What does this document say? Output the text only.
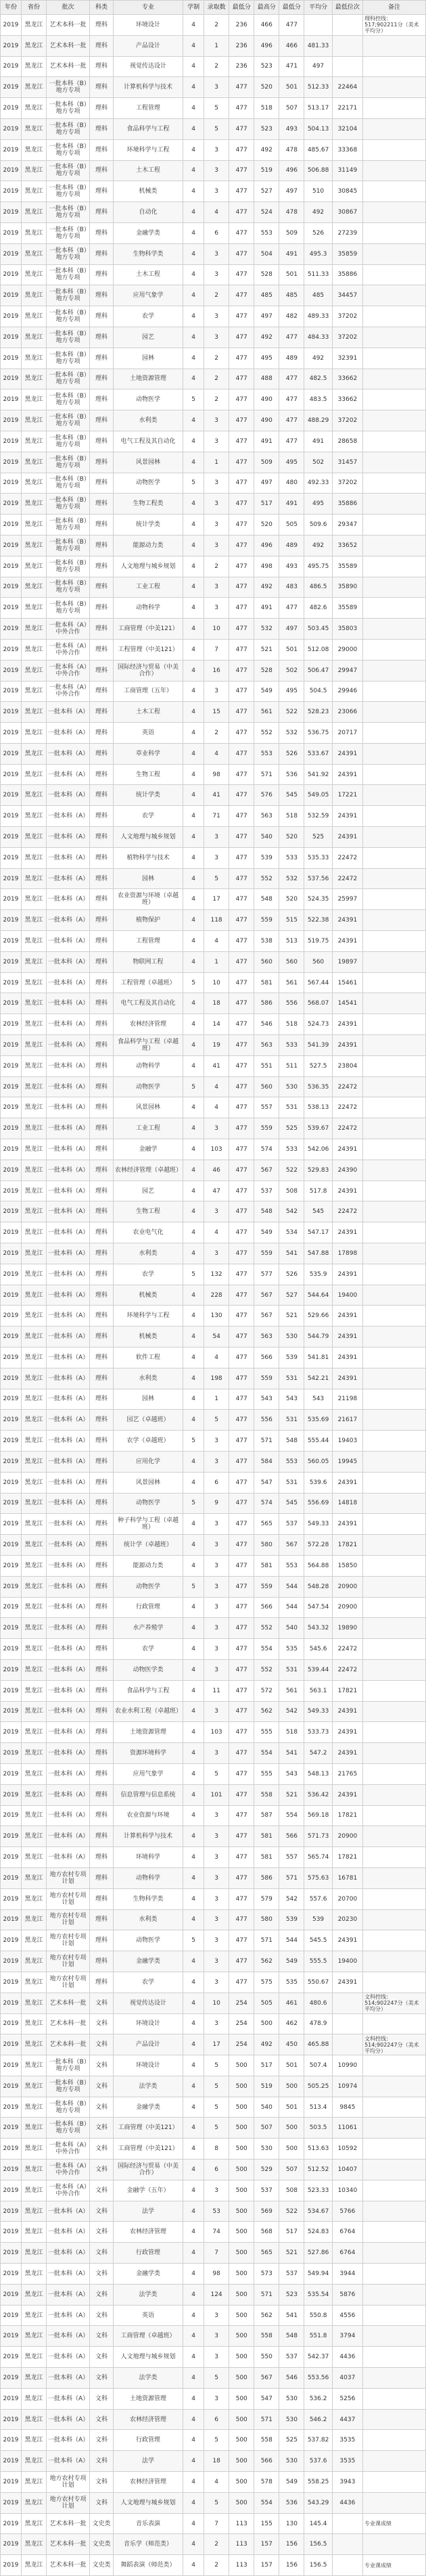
年份	省份	批次	科类	专业	学制	录取数	最低分	最高分	最低分	平均分	最低位次	备注
2019	黑龙江	艺术本科一批	理科	环境设计	4	2	236	466	477			理科控线：517;902211分（美术平均分）
2019	黑龙江	艺术本科一批	理科	产品设计	4	1	236	496	466	481.33		
2019	黑龙江	艺术本科一批	理科	视觉传达设计	4	2	236	523	471	497		
2019	黑龙江	一批本科（B）地方专项	理科	计算机科学与技术	4	3	477	520	501	512.33	22464	
2019	黑龙江	一批本科（B）地方专项	理科	工程管理	4	5	477	518	507	513.17	22171	
2019	黑龙江	一批本科（B）地方专项	理科	食品科学与工程	4	5	477	523	493	504.13	32104	
2019	黑龙江	一批本科（B）地方专项	理科	环境科学与工程	4	3	477	492	478	485.67	33368	
2019	黑龙江	一批本科（B）地方专项	理科	土木工程	4	3	477	519	496	506.88	31149	
2019	黑龙江	一批本科（B）地方专项	理科	机械类	4	3	477	527	497	510	30845	
2019	黑龙江	一批本科（B）地方专项	理科	自动化	4	4	477	524	478	492	30867	
2019	黑龙江	一批本科（B）地方专项	理科	金融学类	4	6	477	553	509	526	27239	
2019	黑龙江	一批本科（B）地方专项	理科	生物科学类	4	3	477	504	491	495.3	35859	
2019	黑龙江	一批本科（B）地方专项	理科	土木工程	4	3	477	528	501	511.33	35886	
2019	黑龙江	一批本科（B）地方专项	理科	应用气象学	4	2	477	485	485	485	34457	
2019	黑龙江	一批本科（B）地方专项	理科	农学	4	3	477	497	482	489.33	37202	
2019	黑龙江	一批本科（B）地方专项	理科	园艺	4	3	477	492	477	484.33	37202	
2019	黑龙江	一批本科（B）地方专项	理科	园林	4	2	477	495	489	492	32391	
2019	黑龙江	一批本科（B）地方专项	理科	土地资源管理	4	2	477	488	477	482.5	33662	
2019	黑龙江	一批本科（B）地方专项	理科	动物医学	5	2	477	490	477	483.5	33662	
2019	黑龙江	一批本科（B）地方专项	理科	水利类	4	3	477	490	477	488.29	37202	
2019	黑龙江	一批本科（B）地方专项	理科	电气工程及其自动化	4	3	477	491	477	491	28658	
2019	黑龙江	一批本科（B）地方专项	理科	风景园林	4	1	477	509	495	502	31457	
2019	黑龙江	一批本科（B）地方专项	理科	动物医学	5	3	477	497	480	492.33	37202	
2019	黑龙江	一批本科（B）地方专项	理科	生物工程类	4	3	477	517	491	495	35886	
2019	黑龙江	一批本科（B）地方专项	理科	统计学类	4	3	477	520	505	509.6	29347	
2019	黑龙江	一批本科（B）地方专项	理科	能源动力类	4	3	477	496	489	492	33652	
2019	黑龙江	一批本科（B）地方专项	理科	人文地理与城乡规划	4	2	477	498	493	495.75	35589	
2019	黑龙江	一批本科（B）地方专项	理科	工业工程	4	3	477	492	483	486.5	35890	
2019	黑龙江	一批本科（B）地方专项	理科	动物科学	4	3	477	491	477	482.6	35589	
2019	黑龙江	一批本科（A）中外合作	理科	工商管理（中美121）	4	10	477	532	497	503.45	35803	
2019	黑龙江	一批本科（A）中外合作	理科	工程管理（中美121）	4	7	477	521	501	512.08	29000	
2019	黑龙江	一批本科（A）中外合作	理科	国际经济与贸易（中美合作）	4	16	477	528	502	506.47	29947	
2019	黑龙江	一批本科（A）中外合作	理科	工商管理（五年）	4	3	477	549	495	504.5	29946	
2019	黑龙江	一批本科（A）	理科	土木工程	4	15	477	561	522	528.23	23066	
2019	黑龙江	一批本科（A）	理科	英语	4	2	477	552	532	536.75	20717	
2019	黑龙江	一批本科（A）	理科	草业科学	4	4	477	553	526	533.67	24391	
2019	黑龙江	一批本科（A）	理科	生物工程	4	98	477	571	536	541.92	24391	
2019	黑龙江	一批本科（A）	理科	统计学类	4	41	477	576	545	549.05	17221	
2019	黑龙江	一批本科（A）	理科	农学	4	71	477	563	518	532.59	24391	
2019	黑龙江	一批本科（A）	理科	人文地理与城乡规划	4	3	477	540	520	525	24391	
2019	黑龙江	一批本科（A）	理科	植物科学与技术	4	3	477	539	533	535.33	22472	
2019	黑龙江	一批本科（A）	理科	园林	4	5	477	552	532	537.56	22472	
2019	黑龙江	一批本科（A）	理科	农业资源与环境（卓越班）	4	17	477	548	520	524.35	25997	
2019	黑龙江	一批本科（A）	理科	植物保护	4	118	477	559	515	522.38	24391	
2019	黑龙江	一批本科（A）	理科	工程管理	4	4	477	538	513	519.75	24391	
2019	黑龙江	一批本科（A）	理科	物联网工程	4	1	477	560	560	560	19897	
2019	黑龙江	一批本科（A）	理科	工程管理（卓越班）	5	10	477	581	561	567.44	15461	
2019	黑龙江	一批本科（A）	理科	电气工程及其自动化	4	18	477	586	556	568.07	14541	
2019	黑龙江	一批本科（A）	理科	农林经济管理	4	14	477	546	518	524.73	24391	
2019	黑龙江	一批本科（A）	理科	食品科学与工程（卓越班）	4	19	477	563	533	541.39	24391	
2019	黑龙江	一批本科（A）	理科	动物科学	4	41	477	551	511	527.5	23804	
2019	黑龙江	一批本科（A）	理科	动物医学	5	4	477	560	530	536.35	22472	
2019	黑龙江	一批本科（A）	理科	风景园林	4	4	477	557	531	538.13	22472	
2019	黑龙江	一批本科（A）	理科	工业工程	4	3	477	559	525	539.67	22472	
2019	黑龙江	一批本科（A）	理科	金融学	4	103	477	574	533	542.06	24391	
2019	黑龙江	一批本科（A）	理科	农林经济管理（卓越班）	4	46	477	567	522	529.83	24390	
2019	黑龙江	一批本科（A）	理科	园艺	4	47	477	537	508	517.8	24391	
2019	黑龙江	一批本科（A）	理科	生物工程	4	3	477	548	542	545	22472	
2019	黑龙江	一批本科（A）	理科	农业电气化	4	4	477	549	534	547.17	24391	
2019	黑龙江	一批本科（A）	理科	水利类	4	3	477	559	541	547.88	17898	
2019	黑龙江	一批本科（A）	理科	农学	5	132	477	577	526	535.9	24391	
2019	黑龙江	一批本科（A）	理科	机械类	4	228	477	567	527	544.64	19400	
2019	黑龙江	一批本科（A）	理科	环境科学与工程	4	130	477	567	521	529.66	24391	
2019	黑龙江	一批本科（A）	理科	机械类	4	54	477	563	530	544.79	24391	
2019	黑龙江	一批本科（A）	理科	软件工程	4	4	477	566	539	541.81	24391	
2019	黑龙江	一批本科（A）	理科	水利类	4	198	477	559	531	542.21	24391	
2019	黑龙江	一批本科（A）	理科	园林	4	1	477	543	543	543	21198	
2019	黑龙江	一批本科（A）	理科	园艺（卓越班）	4	5	477	556	531	535.69	21617	
2019	黑龙江	一批本科（A）	理科	农学（卓越班）	5	3	477	571	548	555.44	19403	
2019	黑龙江	一批本科（A）	理科	应用化学	4	3	477	584	553	560.05	19945	
2019	黑龙江	一批本科（A）	理科	风景园林	4	6	477	547	531	539.6	24391	
2019	黑龙江	一批本科（A）	理科	动物医学	5	9	477	574	545	556.69	14818	
2019	黑龙江	一批本科（A）	理科	种子科学与工程（卓越班）	4	3	477	565	537	549.33	24391	
2019	黑龙江	一批本科（A）	理科	统计学（卓越班）	4	3	477	580	567	572.28	17821	
2019	黑龙江	一批本科（A）	理科	能源动力类	4	3	477	581	553	564.88	15850	
2019	黑龙江	一批本科（A）	理科	动物医学	5	3	477	559	544	548.28	20900	
2019	黑龙江	一批本科（A）	理科	行政管理	4	3	477	566	544	547.54	20900	
2019	黑龙江	一批本科（A）	理科	水产养殖学	4	3	477	552	540	543.32	19890	
2019	黑龙江	一批本科（A）	理科	农学	4	3	477	554	535	545.6	22472	
2019	黑龙江	一批本科（A）	理科	动物医学类	4	3	477	552	531	539.44	22472	
2019	黑龙江	一批本科（A）	理科	食品科学与工程	4	11	477	572	561	563.1	17821	
2019	黑龙江	一批本科（A）	理科	农业水利工程（卓越班）	4	3	477	562	542	549.33	24391	
2019	黑龙江	一批本科（A）	理科	土地资源管理	4	103	477	555	518	533.73	24391	
2019	黑龙江	一批本科（A）	理科	资源环境科学	4	3	477	554	541	547.2	24391	
2019	黑龙江	一批本科（A）	理科	应用气象学	4	5	477	555	543	548.13	21765	
2019	黑龙江	一批本科（A）	理科	信息管理与信息系统	4	101	477	558	521	536.42	24391	
2019	黑龙江	一批本科（A）	理科	农业资源与环境	4	3	477	587	554	569.18	17821	
2019	黑龙江	一批本科（A）	理科	计算机科学与技术	4	3	477	581	566	571.73	20900	
2019	黑龙江	一批本科（A）	理科	环境科学	4	3	477	581	557	565.74	17821	
2019	黑龙江	地方农村专项计划	理科	动物科学	4	3	477	586	571	575.63	16781	
2019	黑龙江	地方农村专项计划	理科	生物科学类	4	3	477	579	542	557.6	20700	
2019	黑龙江	地方农村专项计划	理科	水利类	4	3	477	580	539	539	20230	
2019	黑龙江	地方农村专项计划	理科	动物医学	5	3	477	571	544	545.5	24391	
2019	黑龙江	地方农村专项计划	理科	金融学类	4	3	477	562	549	555.5	19400	
2019	黑龙江	地方农村专项计划	理科	农学	4	3	477	575	535	550.67	24391	
2019	黑龙江	艺术本科一批	文科	视觉传达设计	4	10	254	505	461	480.6		文科控线：514;902247分（美术平均分）
2019	黑龙江	艺术本科一批	文科	环境设计	4	3	254	500	462	478.9		
2019	黑龙江	艺术本科一批	文科	产品设计	4	17	254	492	450	465.88		文科控线：514;902247分（美术平均分）
2019	黑龙江	一批本科（B）地方专项	文科	环境设计	4	5	500	517	501	507.4	10990	
2019	黑龙江	一批本科（B）地方专项	文科	法学类	4	5	500	519	500	505.25	10974	
2019	黑龙江	一批本科（B）地方专项	文科	金融学类	4	5	500	540	501	513.4	9845	
2019	黑龙江	一批本科（B）地方专项	文科	工商管理（中美121）	4	5	500	507	500	503.5	11061	
2019	黑龙江	一批本科（A）中外合作	文科	工商管理（中美121）	4	8	500	530	500	513.63	10592	
2019	黑龙江	一批本科（A）中外合作	文科	国际经济与贸易（中美合作）	4	6	500	529	507	512.52	10407	
2019	黑龙江	一批本科（A）中外合作	文科	金融学（五年）	4	3	500	537	508	523.33	10340	
2019	黑龙江	一批本科（A）	文科	法学	4	53	500	569	522	534.67	5766	
2019	黑龙江	一批本科（A）	文科	农林经济管理	4	74	500	568	517	524.83	6764	
2019	黑龙江	一批本科（A）	文科	行政管理	4	7	500	565	521	527.86	6764	
2019	黑龙江	一批本科（A）	文科	金融学类	4	98	500	573	537	549.94	3944	
2019	黑龙江	一批本科（A）	文科	法学类	4	124	500	571	523	535.54	5876	
2019	黑龙江	一批本科（A）	文科	英语	4	3	500	562	541	550.8	4556	
2019	黑龙江	一批本科（A）	文科	工商管理（卓越班）	4	3	500	558	548	551.8	3794	
2019	黑龙江	一批本科（A）	文科	人文地理与城乡规划	4	3	500	550	537	542.37	4436	
2019	黑龙江	一批本科（A）	文科	法学类	4	5	500	567	546	553.56	4037	
2019	黑龙江	一批本科（A）	文科	土地资源管理	4	3	500	547	530	536.2	5256	
2019	黑龙江	一批本科（A）	文科	农林经济管理	4	6	500	571	530	546.2	4437	
2019	黑龙江	一批本科（A）	文科	行政管理	4	5	500	558	525	537.82	3535	
2019	黑龙江	一批本科（A）	文科	法学	4	18	500	566	530	537.6	3535	
2019	黑龙江	地方农村专项计划	文科	农林经济管理	4	4	500	578	549	558.25	3943	
2019	黑龙江	地方农村专项计划	文科	人文地理与城乡规划	4	5	500	554	536	543.29	4436	
2019	黑龙江	艺术本科一批	文史类	音乐表演	4	7	113	155	130	145.4		专业课成绩
2019	黑龙江	艺术本科一批	文史类	音乐学（师范类）	4	2	113	157	156	156.5		
2019	黑龙江	艺术本科一批	文史类	舞蹈表演（师范类）	4	2	113	157	156	156.5		专业课成绩
